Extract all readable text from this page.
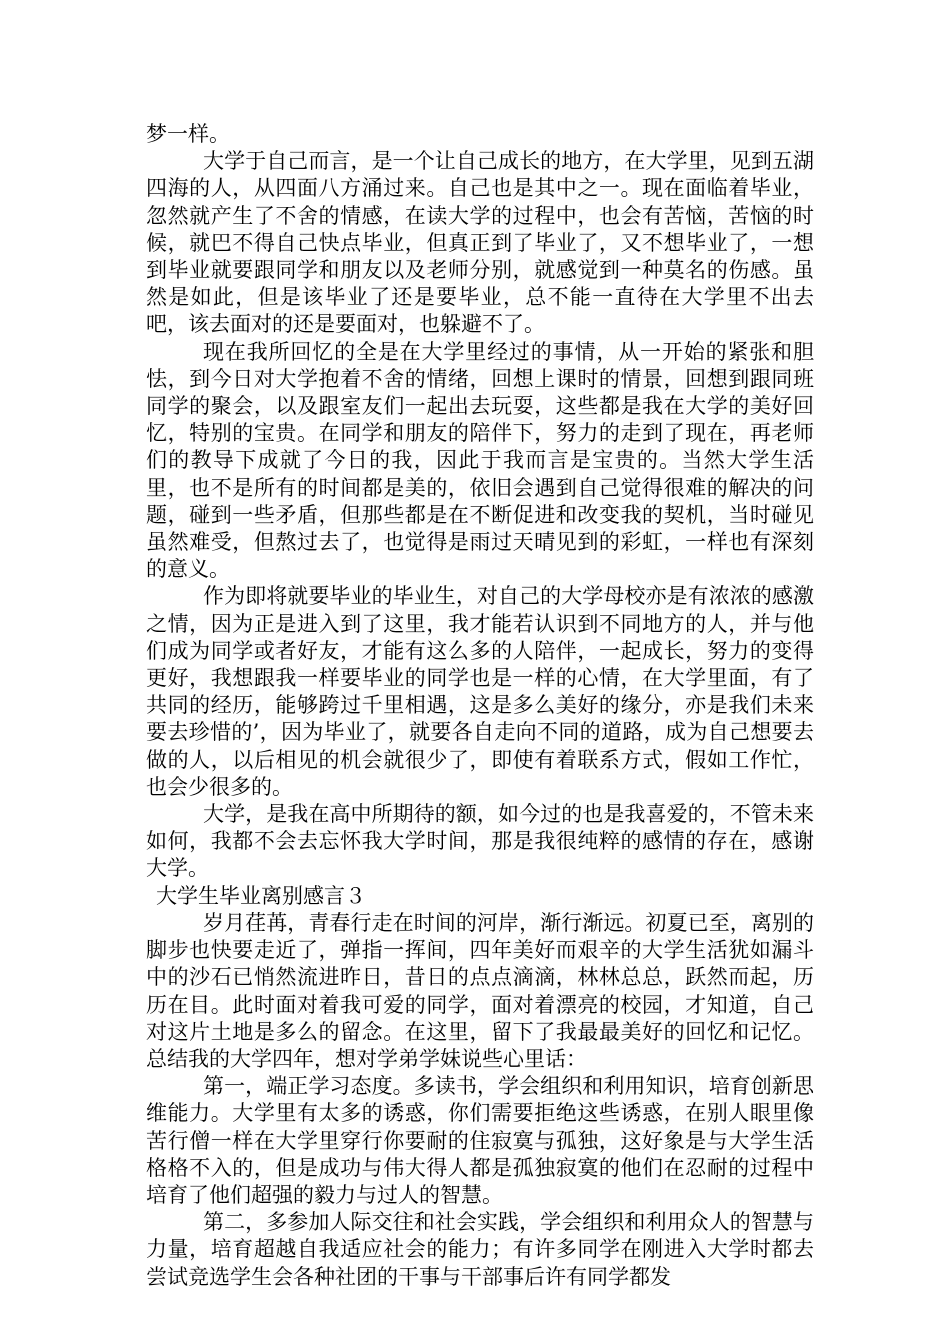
梦一样。

大学于自己而言，是一个让自己成长的地方，在大学里，见到五湖四海的人，从四面八方涌过来。自己也是其中之一。现在面临着毕业，忽然就产生了不舍的情感，在读大学的过程中，也会有苦恼，苦恼的时候，就巴不得自己快点毕业，但真正到了毕业了，又不想毕业了，一想到毕业就要跟同学和朋友以及老师分别，就感觉到一种莫名的伤感。虽然是如此，但是该毕业了还是要毕业，总不能一直待在大学里不出去吧，该去面对的还是要面对，也躲避不了。

现在我所回忆的全是在大学里经过的事情，从一开始的紧张和胆怯，到今日对大学抱着不舍的情绪，回想上课时的情景，回想到跟同班同学的聚会，以及跟室友们一起出去玩耍，这些都是我在大学的美好回忆，特别的宝贵。在同学和朋友的陪伴下，努力的走到了现在，再老师们的教导下成就了今日的我，因此于我而言是宝贵的。当然大学生活里，也不是所有的时间都是美的，依旧会遇到自己觉得很难的解决的问题，碰到一些矛盾，但那些都是在不断促进和改变我的契机，当时碰见虽然难受，但熬过去了，也觉得是雨过天晴见到的彩虹，一样也有深刻的意义。

作为即将就要毕业的毕业生，对自己的大学母校亦是有浓浓的感激之情，因为正是进入到了这里，我才能若认识到不同地方的人，并与他们成为同学或者好友，才能有这么多的人陪伴，一起成长，努力的变得更好，我想跟我一样要毕业的同学也是一样的心情，在大学里面，有了共同的经历，能够跨过千里相遇，这是多么美好的缘分，亦是我们未来要去珍惜的’，因为毕业了，就要各自走向不同的道路，成为自己想要去做的人，以后相见的机会就很少了，即使有着联系方式，假如工作忙，也会少很多的。

大学，是我在高中所期待的额，如今过的也是我喜爱的，不管未来如何，我都不会去忘怀我大学时间，那是我很纯粹的感情的存在，感谢大学。

大学生毕业离别感言３

岁月荏苒，青春行走在时间的河岸，渐行渐远。初夏已至，离别的脚步也快要走近了，弹指一挥间，四年美好而艰辛的大学生活犹如漏斗中的沙石已悄然流进昨日，昔日的点点滴滴，林林总总，跃然而起，历历在目。此时面对着我可爱的同学，面对着漂亮的校园，才知道，自己对这片土地是多么的留念。在这里，留下了我最最美好的回忆和记忆。总结我的大学四年，想对学弟学妹说些心里话：

第一，端正学习态度。多读书，学会组织和利用知识，培育创新思维能力。大学里有太多的诱惑，你们需要拒绝这些诱惑，在别人眼里像苦行僧一样在大学里穿行你要耐的住寂寞与孤独，这好象是与大学生活格格不入的，但是成功与伟大得人都是孤独寂寞的他们在忍耐的过程中培育了他们超强的毅力与过人的智慧。

第二，多参加人际交往和社会实践，学会组织和利用众人的智慧与力量，培育超越自我适应社会的能力；有许多同学在刚进入大学时都去尝试竞选学生会各种社团的干事与干部事后许有同学都发
